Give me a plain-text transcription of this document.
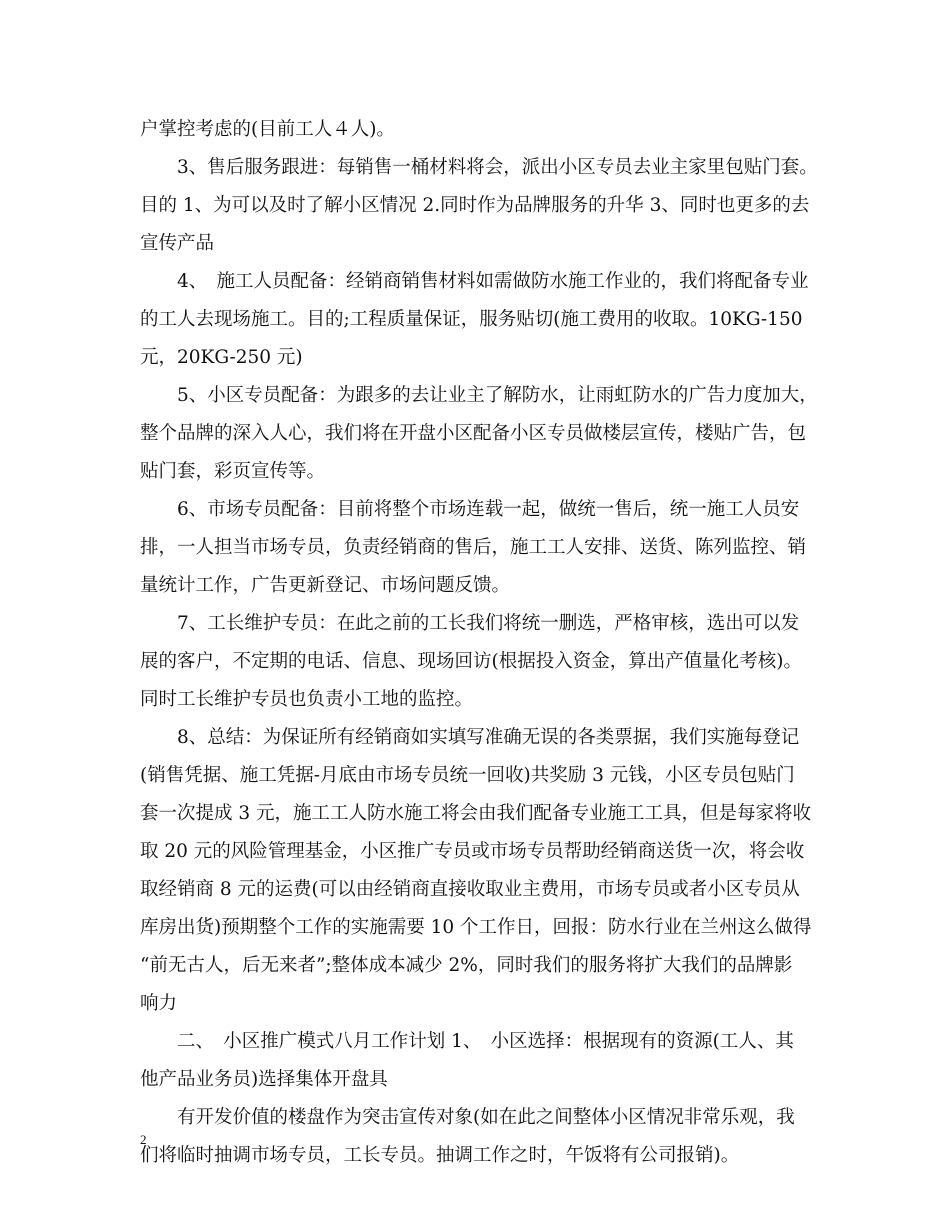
户掌控考虑的(目前工人４人)。
3、售后服务跟进：每销售一桶材料将会，派出小区专员去业主家里包贴门套。
目的 1、为可以及时了解小区情况 2.同时作为品牌服务的升华 3、同时也更多的去
宣传产品
4、　施工人员配备：经销商销售材料如需做防水施工作业的，我们将配备专业
的工人去现场施工。目的;工程质量保证，服务贴切(施工费用的收取。10KG-150
元，20KG-250 元)
5、小区专员配备：为跟多的去让业主了解防水，让雨虹防水的广告力度加大，
整个品牌的深入人心，我们将在开盘小区配备小区专员做楼层宣传，楼贴广告，包
贴门套，彩页宣传等。
6、市场专员配备：目前将整个市场连载一起，做统一售后，统一施工人员安
排，一人担当市场专员，负责经销商的售后，施工工人安排、送货、陈列监控、销
量统计工作，广告更新登记、市场问题反馈。
7、工长维护专员：在此之前的工长我们将统一删选，严格审核，选出可以发
展的客户，不定期的电话、信息、现场回访(根据投入资金，算出产值量化考核)。
同时工长维护专员也负责小工地的监控。
8、总结：为保证所有经销商如实填写准确无误的各类票据，我们实施每登记
(销售凭据、施工凭据-月底由市场专员统一回收)共奖励 3 元钱，小区专员包贴门
套一次提成 3 元，施工工人防水施工将会由我们配备专业施工工具，但是每家将收
取 20 元的风险管理基金，小区推广专员或市场专员帮助经销商送货一次，将会收
取经销商 8 元的运费(可以由经销商直接收取业主费用，市场专员或者小区专员从
库房出货)预期整个工作的实施需要 10 个工作日，回报：防水行业在兰州这么做得
“前无古人，后无来者”;整体成本减少 2%，同时我们的服务将扩大我们的品牌影
响力
二、　小区推广模式八月工作计划 1、　小区选择：根据现有的资源(工人、其
他产品业务员)选择集体开盘具
有开发价值的楼盘作为突击宣传对象(如在此之间整体小区情况非常乐观，我
们将临时抽调市场专员，工长专员。抽调工作之时，午饭将有公司报销)。
2
